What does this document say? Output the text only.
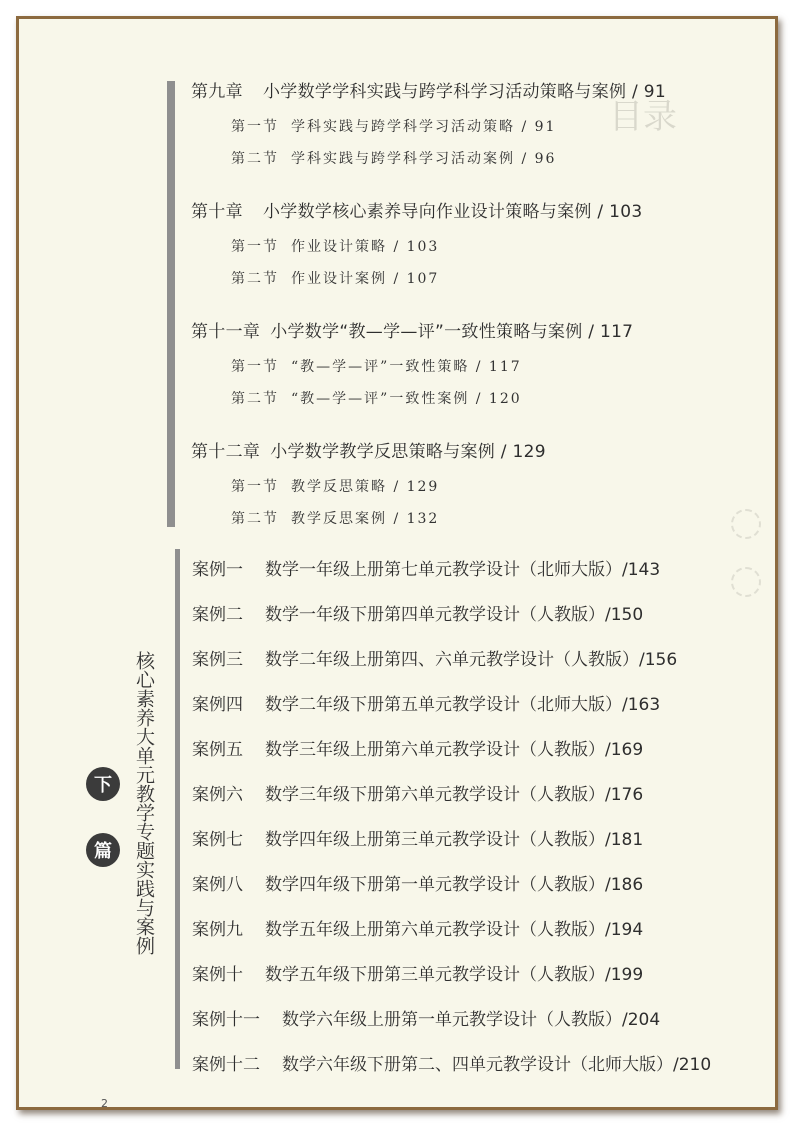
目录
第九章 小学数学学科实践与跨学科学习活动策略与案例 / 91
第一节 学科实践与跨学科学习活动策略 / 91
第二节 学科实践与跨学科学习活动案例 / 96
第十章 小学数学核心素养导向作业设计策略与案例 / 103
第一节 作业设计策略 / 103
第二节 作业设计案例 / 107
第十一章 小学数学“教—学—评”一致性策略与案例 / 117
第一节 “教—学—评”一致性策略 / 117
第二节 “教—学—评”一致性案例 / 120
第十二章 小学数学教学反思策略与案例 / 129
第一节 教学反思策略 / 129
第二节 教学反思案例 / 132
核心素养大单元教学专题实践与案例
下
篇
案例一 数学一年级上册第七单元教学设计（北师大版）/143
案例二 数学一年级下册第四单元教学设计（人教版）/150
案例三 数学二年级上册第四、六单元教学设计（人教版）/156
案例四 数学二年级下册第五单元教学设计（北师大版）/163
案例五 数学三年级上册第六单元教学设计（人教版）/169
案例六 数学三年级下册第六单元教学设计（人教版）/176
案例七 数学四年级上册第三单元教学设计（人教版）/181
案例八 数学四年级下册第一单元教学设计（人教版）/186
案例九 数学五年级上册第六单元教学设计（人教版）/194
案例十 数学五年级下册第三单元教学设计（人教版）/199
案例十一 数学六年级上册第一单元教学设计（人教版）/204
案例十二 数学六年级下册第二、四单元教学设计（北师大版）/210
2
